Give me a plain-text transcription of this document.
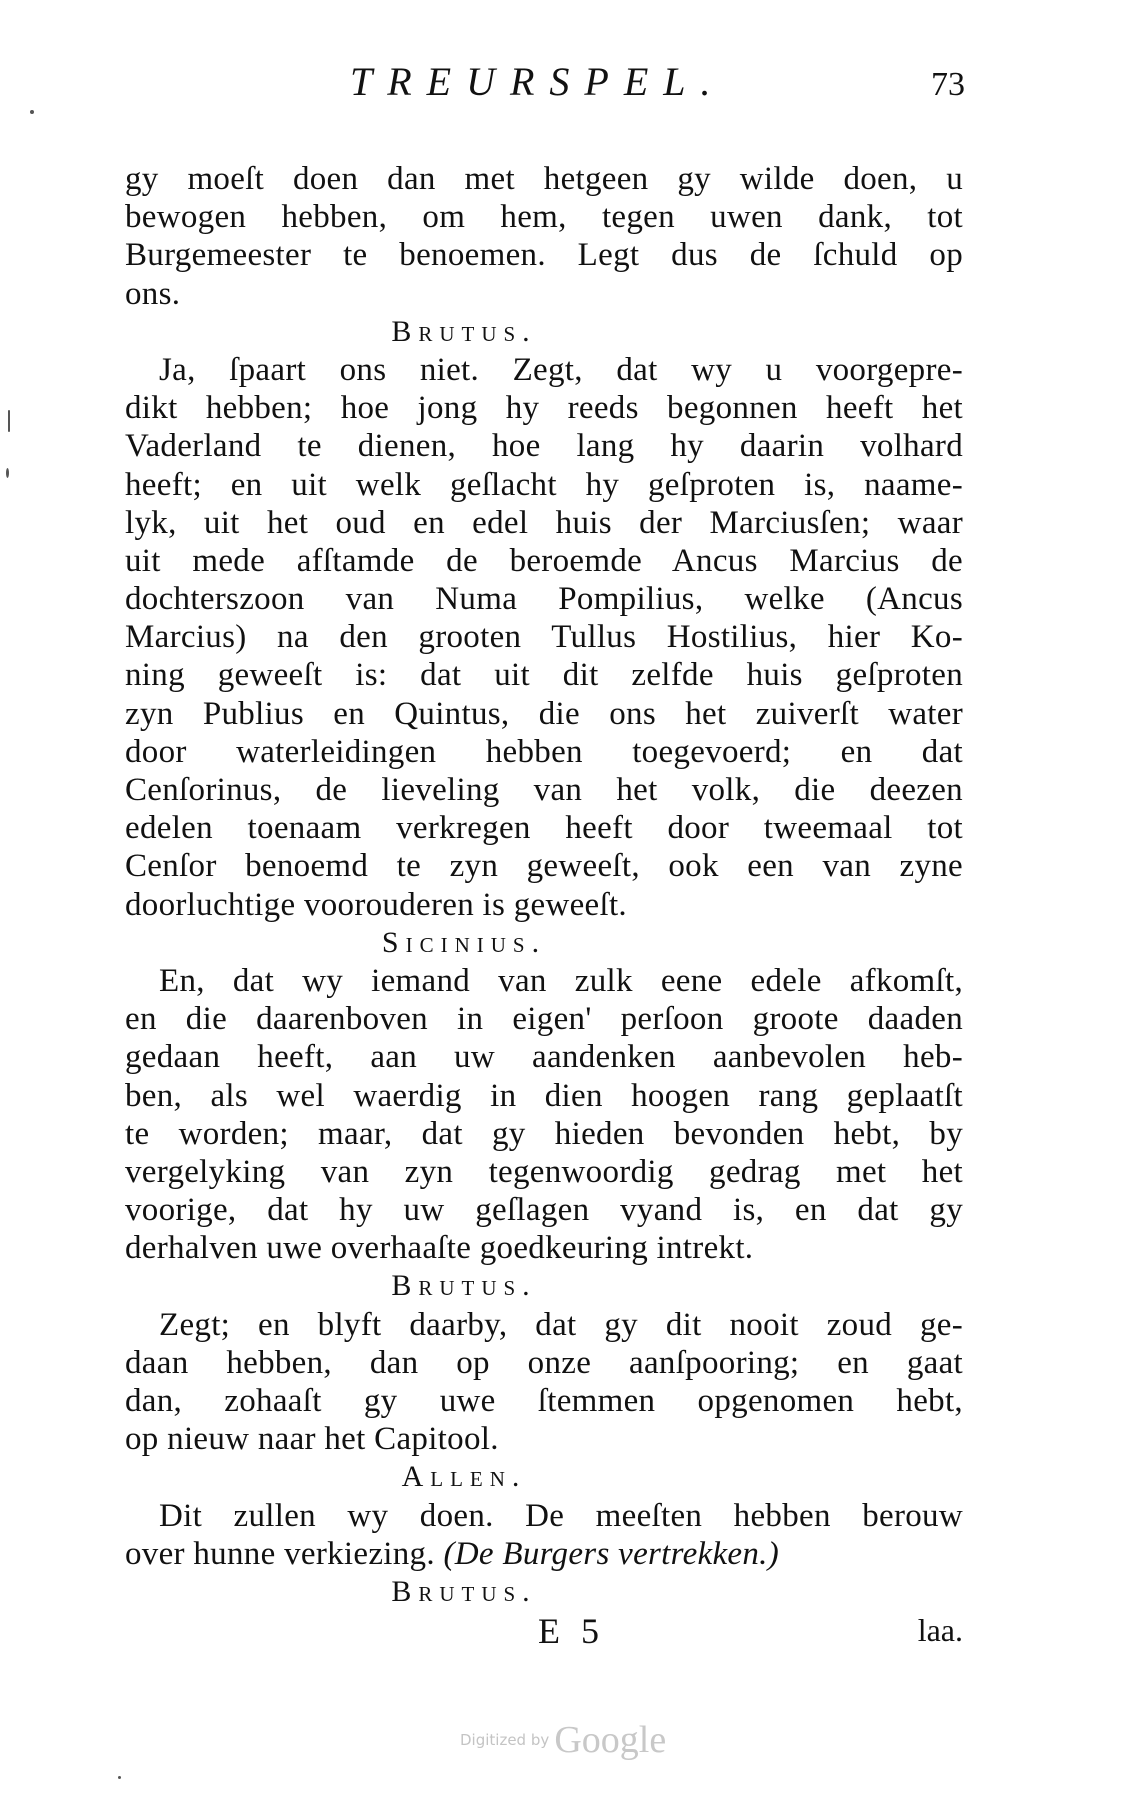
TREURSPEL.	73
gy moeſt doen dan met hetgeen gy wilde doen, u
bewogen hebben, om hem, tegen uwen dank, tot
Burgemeester te benoemen. Legt dus de ſchuld op
ons.
Brutus.
Ja, ſpaart ons niet. Zegt, dat wy u voorgepre-
dikt hebben; hoe jong hy reeds begonnen heeft het
Vaderland te dienen, hoe lang hy daarin volhard
heeft; en uit welk geſlacht hy geſproten is, naame-
lyk, uit het oud en edel huis der Marciusſen; waar
uit mede afſtamde de beroemde Ancus Marcius de
dochterszoon van Numa Pompilius, welke (Ancus
Marcius) na den grooten Tullus Hostilius, hier Ko-
ning geweeſt is: dat uit dit zelfde huis geſproten
zyn Publius en Quintus, die ons het zuiverſt water
door waterleidingen hebben toegevoerd; en dat
Cenſorinus, de lieveling van het volk, die deezen
edelen toenaam verkregen heeft door tweemaal tot
Cenſor benoemd te zyn geweeſt, ook een van zyne
doorluchtige voorouderen is geweeſt.
Sicinius.
En, dat wy iemand van zulk eene edele afkomſt,
en die daarenboven in eigen' perſoon groote daaden
gedaan heeft, aan uw aandenken aanbevolen heb-
ben, als wel waerdig in dien hoogen rang geplaatſt
te worden; maar, dat gy hieden bevonden hebt, by
vergelyking van zyn tegenwoordig gedrag met het
voorige, dat hy uw geſlagen vyand is, en dat gy
derhalven uwe overhaaſte goedkeuring intrekt.
Brutus.
Zegt; en blyft daarby, dat gy dit nooit zoud ge-
daan hebben, dan op onze aanſpooring; en gaat
dan, zohaaſt gy uwe ſtemmen opgenomen hebt,
op nieuw naar het Capitool.
Allen.
Dit zullen wy doen. De meeſten hebben berouw
over hunne verkiezing. (De Burgers vertrekken.)
Brutus.
E 5	laa.
Digitized by Google
